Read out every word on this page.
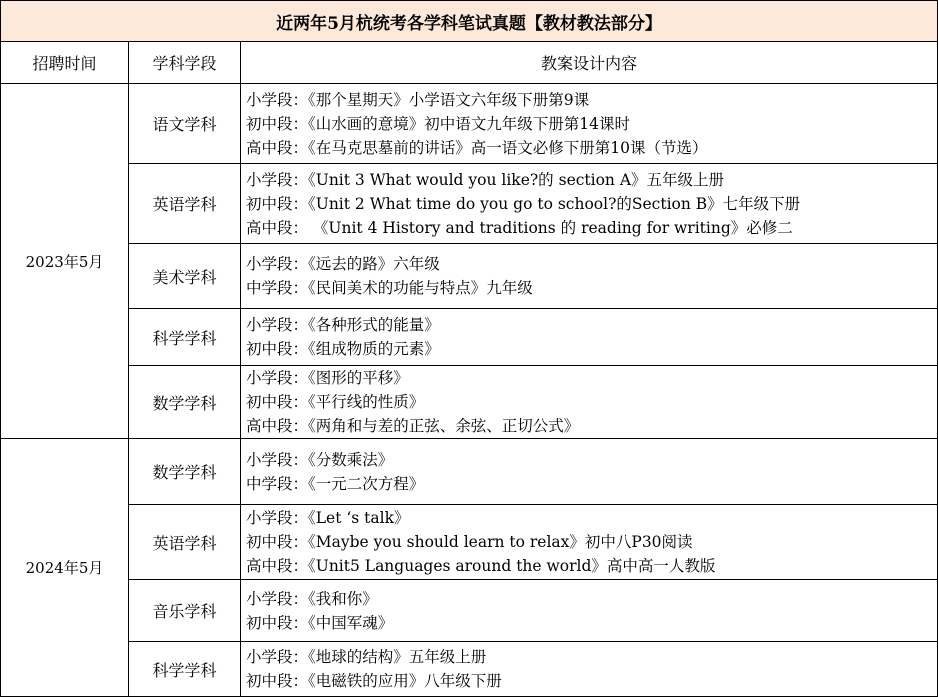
近两年5月杭统考各学科笔试真题【教材教法部分】		
招聘时间	学科学段	教案设计内容
2023年5月	语文学科	小学段：《那个星期天》小学语文六年级下册第9课
初中段：《山水画的意境》初中语文九年级下册第14课时
高中段：《在马克思墓前的讲话》高一语文必修下册第10课（节选）

	英语学科	小学段：《Unit 3 What would you like?的 section A》五年级上册
初中段：《Unit 2 What time do you go to school?的Section B》七年级下册
高中段： 《Unit 4 History and traditions 的 reading for writing》必修二

	美术学科	小学段：《远去的路》六年级
中学段：《民间美术的功能与特点》九年级

	科学学科	小学段：《各种形式的能量》
初中段：《组成物质的元素》

	数学学科	小学段：《图形的平移》
初中段：《平行线的性质》
高中段：《两角和与差的正弦、余弦、正切公式》

2024年5月	数学学科	小学段：《分数乘法》
中学段：《一元二次方程》

	英语学科	小学段：《Let ‘s talk》
初中段：《Maybe you should learn to relax》初中八P30阅读
高中段：《Unit5 Languages around the world》高中高一人教版

	音乐学科	小学段：《我和你》
初中段：《中国军魂》

	科学学科	小学段：《地球的结构》五年级上册
初中段：《电磁铁的应用》八年级下册
